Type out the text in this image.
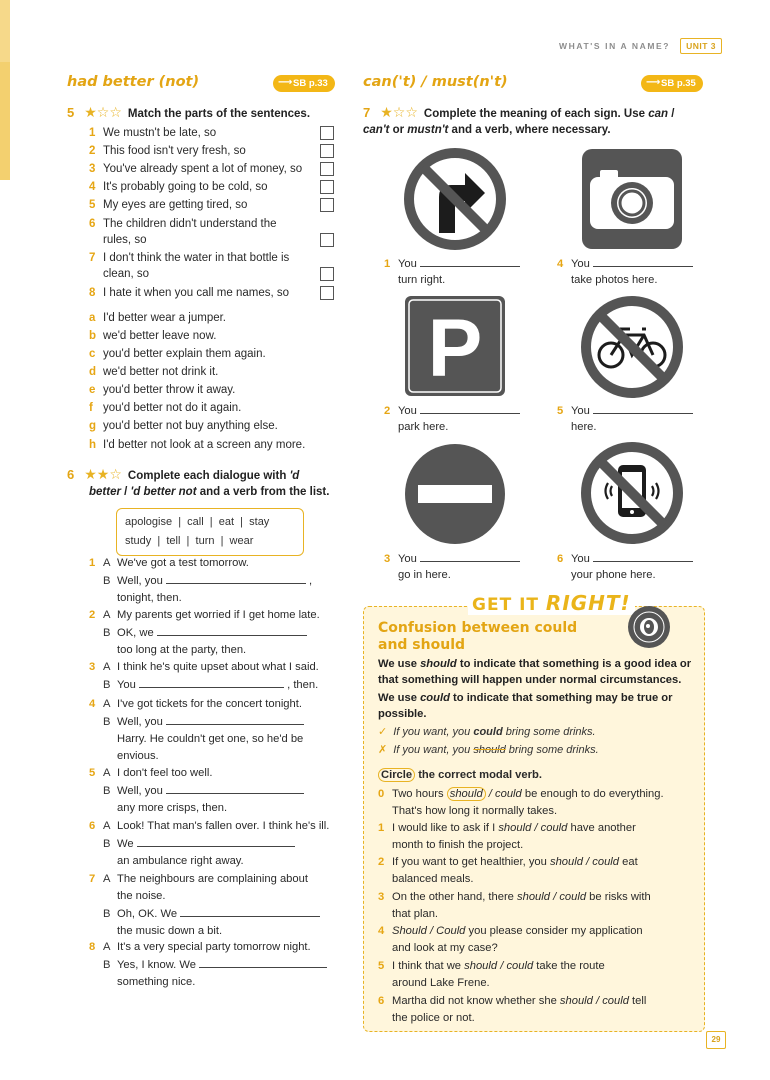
WHAT'S IN A NAME?	UNIT 3
had better (not)	⟶ SB p.33
5 ★☆☆ Match the parts of the sentences.
1 We mustn't be late, so
2 This food isn't very fresh, so
3 You've already spent a lot of money, so
4 It's probably going to be cold, so
5 My eyes are getting tired, so
6 The children didn't understand the
rules, so
7 I don't think the water in that bottle is
clean, so
8 I hate it when you call me names, so
a I'd better wear a jumper.
b we'd better leave now.
c you'd better explain them again.
d we'd better not drink it.
e you'd better throw it away.
f you'd better not do it again.
g you'd better not buy anything else.
h I'd better not look at a screen any more.
6 ★★☆ Complete each dialogue with 'd
better / 'd better not and a verb from the list.
apologise  |  call  |  eat  |  stay
study  |  tell  |  turn  |  wear
1 A We've got a test tomorrow.
B Well, you	,
tonight, then.
2 A My parents get worried if I get home late.
B OK, we
too long at the party, then.
3 A I think he's quite upset about what I said.
B You	, then.
4 A I've got tickets for the concert tonight.
B Well, you
Harry. He couldn't get one, so he'd be
envious.
5 A I don't feel too well.
B Well, you
any more crisps, then.
6 A Look! That man's fallen over. I think he's ill.
B We
an ambulance right away.
7 A The neighbours are complaining about
the noise.
B Oh, OK. We
the music down a bit.
8 A It's a very special party tomorrow night.
B Yes, I know. We
something nice.
can('t) / must(n't)	⟶ SB p.35
7 ★☆☆ Complete the meaning of each sign. Use can /
can't or mustn't and a verb, where necessary.
P
1 You
turn right.
4 You
take photos here.
2 You
park here.
5 You
here.
3 You
go in here.
6 You
your phone here.
GET IT RIGHT!
Confusion between could and should
We use should to indicate that something is a good idea or that something will happen under normal circumstances.
We use could to indicate that something may be true or possible.
✓ If you want, you could bring some drinks.
✗ If you want, you should bring some drinks.
Circle the correct modal verb.
0 Two hours should / could be enough to do everything.
That's how long it normally takes.
1 I would like to ask if I should / could have another
month to finish the project.
2 If you want to get healthier, you should / could eat
balanced meals.
3 On the other hand, there should / could be risks with
that plan.
4 Should / Could you please consider my application
and look at my case?
5 I think that we should / could take the route
around Lake Frene.
6 Martha did not know whether she should / could tell
the police or not.
29
